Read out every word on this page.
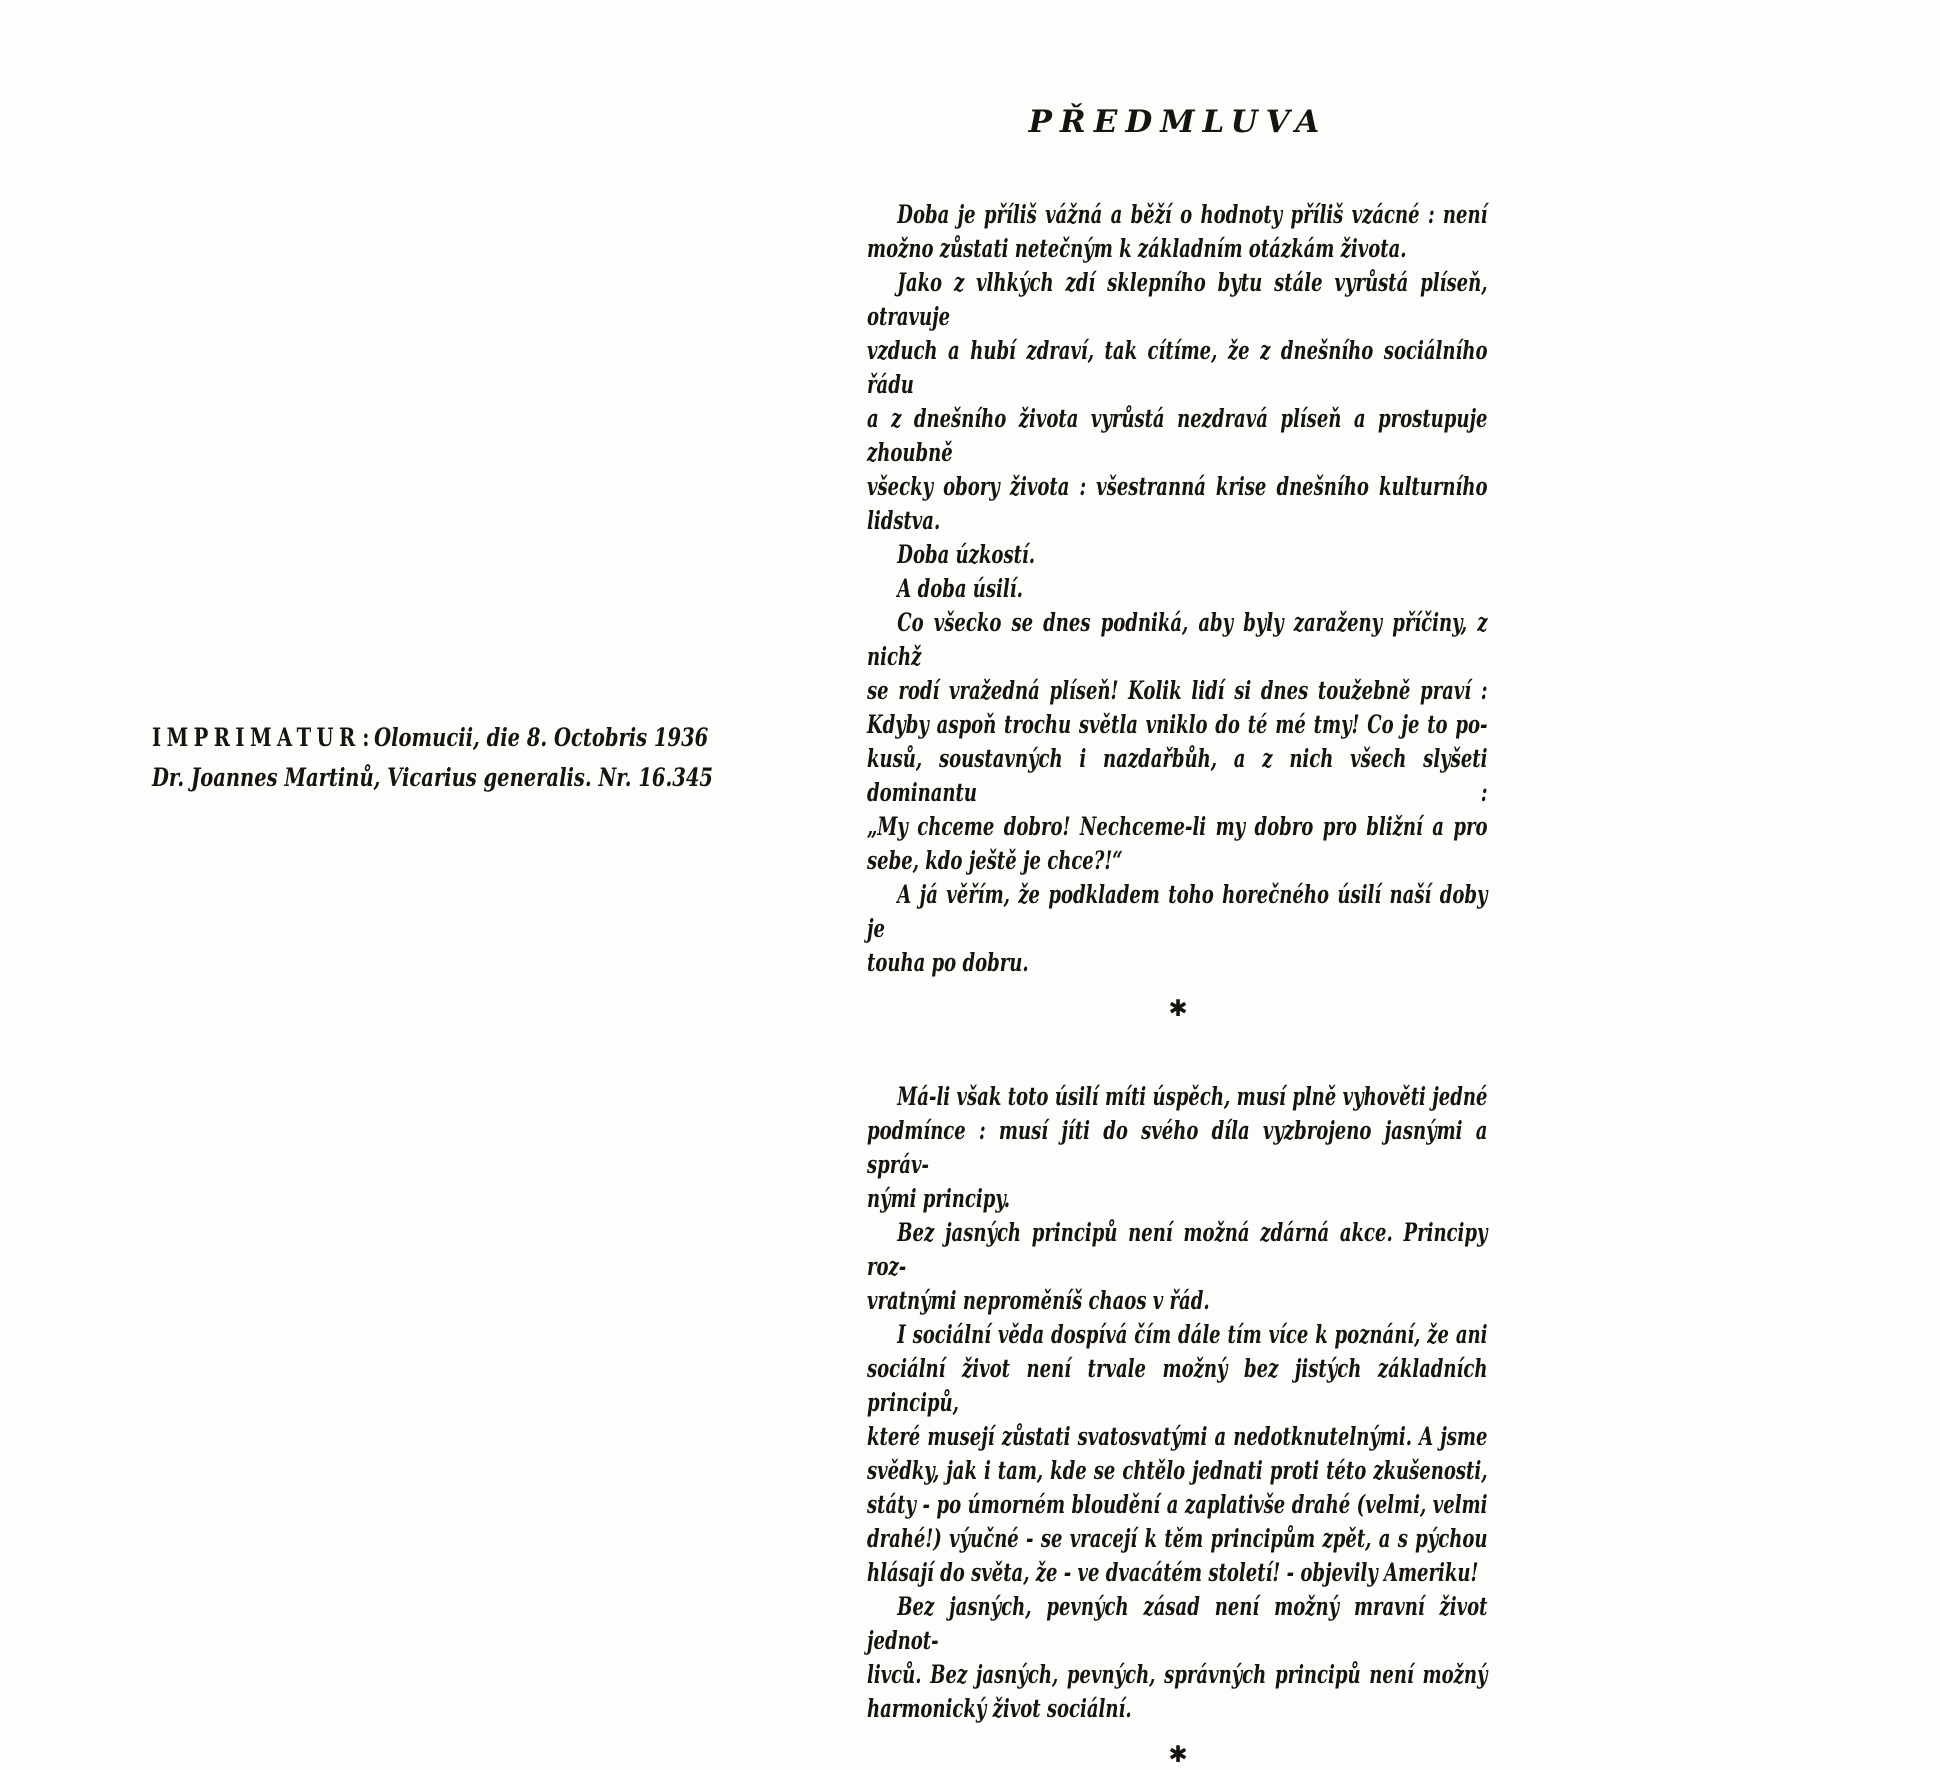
IMPRIMATUR: Olomucii, die 8. Octobris 1936
Dr. Joannes Martinů, Vicarius generalis. Nr. 16.345
PŘEDMLUVA
Doba je příliš vážná a běží o hodnoty příliš vzácné : není
možno zůstati netečným k základním otázkám života.
Jako z vlhkých zdí sklepního bytu stále vyrůstá plíseň, otravuje
vzduch a hubí zdraví, tak cítíme, že z dnešního sociálního řádu
a z dnešního života vyrůstá nezdravá plíseň a prostupuje zhoubně
všecky obory života : všestranná krise dnešního kulturního lidstva.
Doba úzkostí.
A doba úsilí.
Co všecko se dnes podniká, aby byly zaraženy příčiny, z nichž
se rodí vražedná plíseň! Kolik lidí si dnes toužebně praví :
Kdyby aspoň trochu světla vniklo do té mé tmy! Co je to po-
kusů, soustavných i nazdařbůh, a z nich všech slyšeti dominantu :
„My chceme dobro! Nechceme-li my dobro pro bližní a pro
sebe, kdo ještě je chce?!“
A já věřím, že podkladem toho horečného úsilí naší doby je
touha po dobru.
✱
Má-li však toto úsilí míti úspěch, musí plně vyhověti jedné
podmínce : musí jíti do svého díla vyzbrojeno jasnými a správ-
nými principy.
Bez jasných principů není možná zdárná akce. Principy roz-
vratnými neproměníš chaos v řád.
I sociální věda dospívá čím dále tím více k poznání, že ani
sociální život není trvale možný bez jistých základních principů,
které musejí zůstati svatosvatými a nedotknutelnými. A jsme
svědky, jak i tam, kde se chtělo jednati proti této zkušenosti,
státy - po úmorném bloudění a zaplativše drahé (velmi, velmi
drahé!) výučné - se vracejí k těm principům zpět, a s pýchou
hlásají do světa, že - ve dvacátém století! - objevily Ameriku!
Bez jasných, pevných zásad není možný mravní život jednot-
livců. Bez jasných, pevných, správných principů není možný
harmonický život sociální.
✱
